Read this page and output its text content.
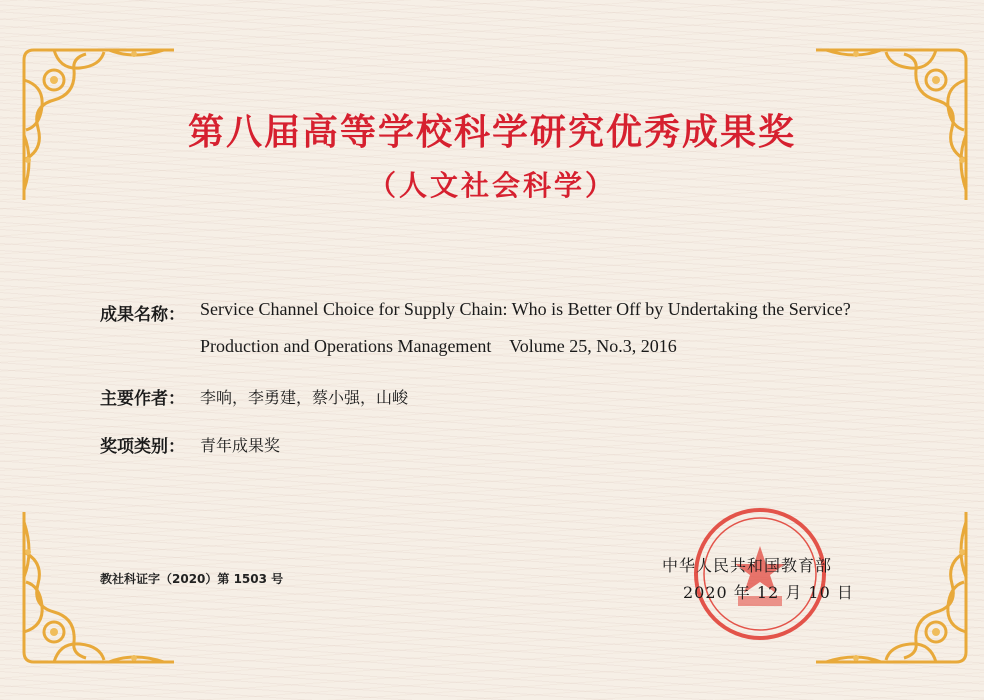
第八届高等学校科学研究优秀成果奖
（人文社会科学）
成果名称： Service Channel Choice for Supply Chain: Who is Better Off by Undertaking the Service?
Production and Operations Management    Volume 25, No.3, 2016
主要作者： 李响，李勇建，蔡小强，山峻
奖项类别： 青年成果奖
教社科证字（2020）第 1503 号
中华人民共和国教育部
2020 年 12 月 10 日
